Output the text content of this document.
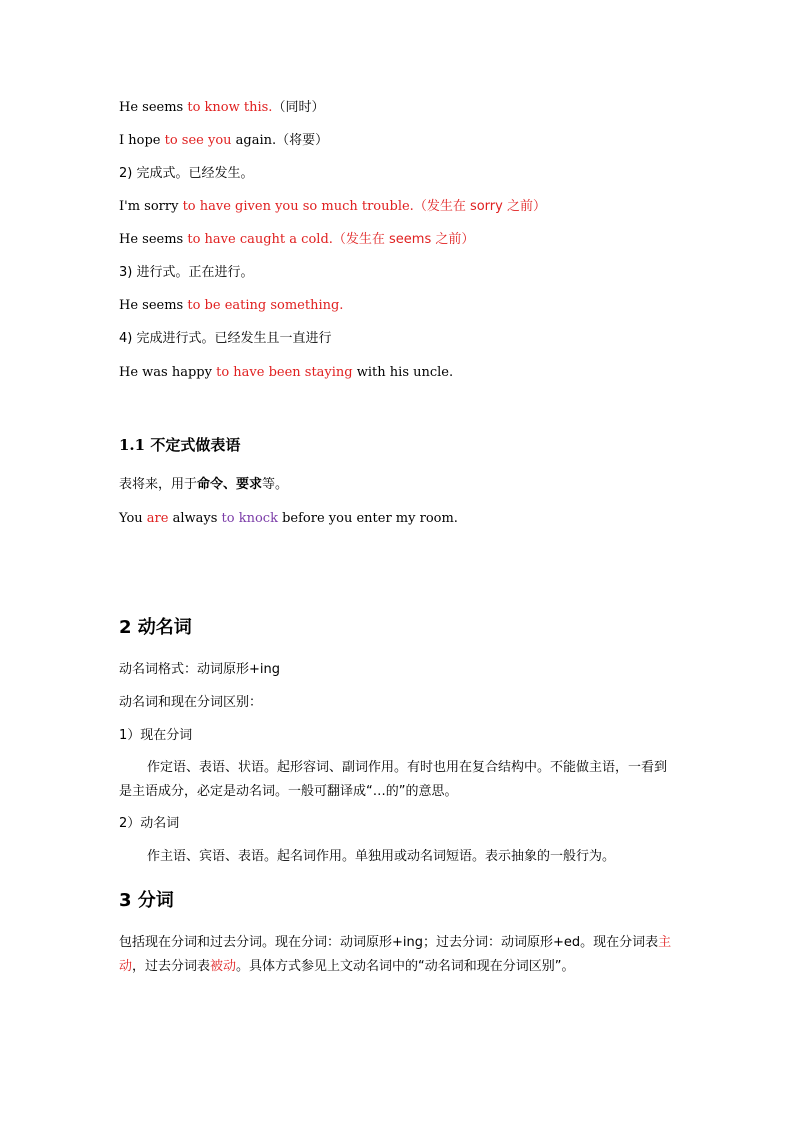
He seems to know this.（同时）
I hope to see you again.（将要）
2) 完成式。已经发生。
I'm sorry to have given you so much trouble.（发生在 sorry 之前）
He seems to have caught a cold.（发生在 seems 之前）
3) 进行式。正在进行。
He seems to be eating something.
4) 完成进行式。已经发生且一直进行
He was happy to have been staying with his uncle.
1.1 不定式做表语
表将来，用于命令、要求等。
You are always to knock before you enter my room.
2 动名词
动名词格式：动词原形+ing
动名词和现在分词区别：
1）现在分词
作定语、表语、状语。起形容词、副词作用。有时也用在复合结构中。不能做主语，一看到是主语成分，必定是动名词。一般可翻译成“…的”的意思。
2）动名词
作主语、宾语、表语。起名词作用。单独用或动名词短语。表示抽象的一般行为。
3 分词
包括现在分词和过去分词。现在分词：动词原形+ing；过去分词：动词原形+ed。现在分词表主动，过去分词表被动。具体方式参见上文动名词中的“动名词和现在分词区别”。
